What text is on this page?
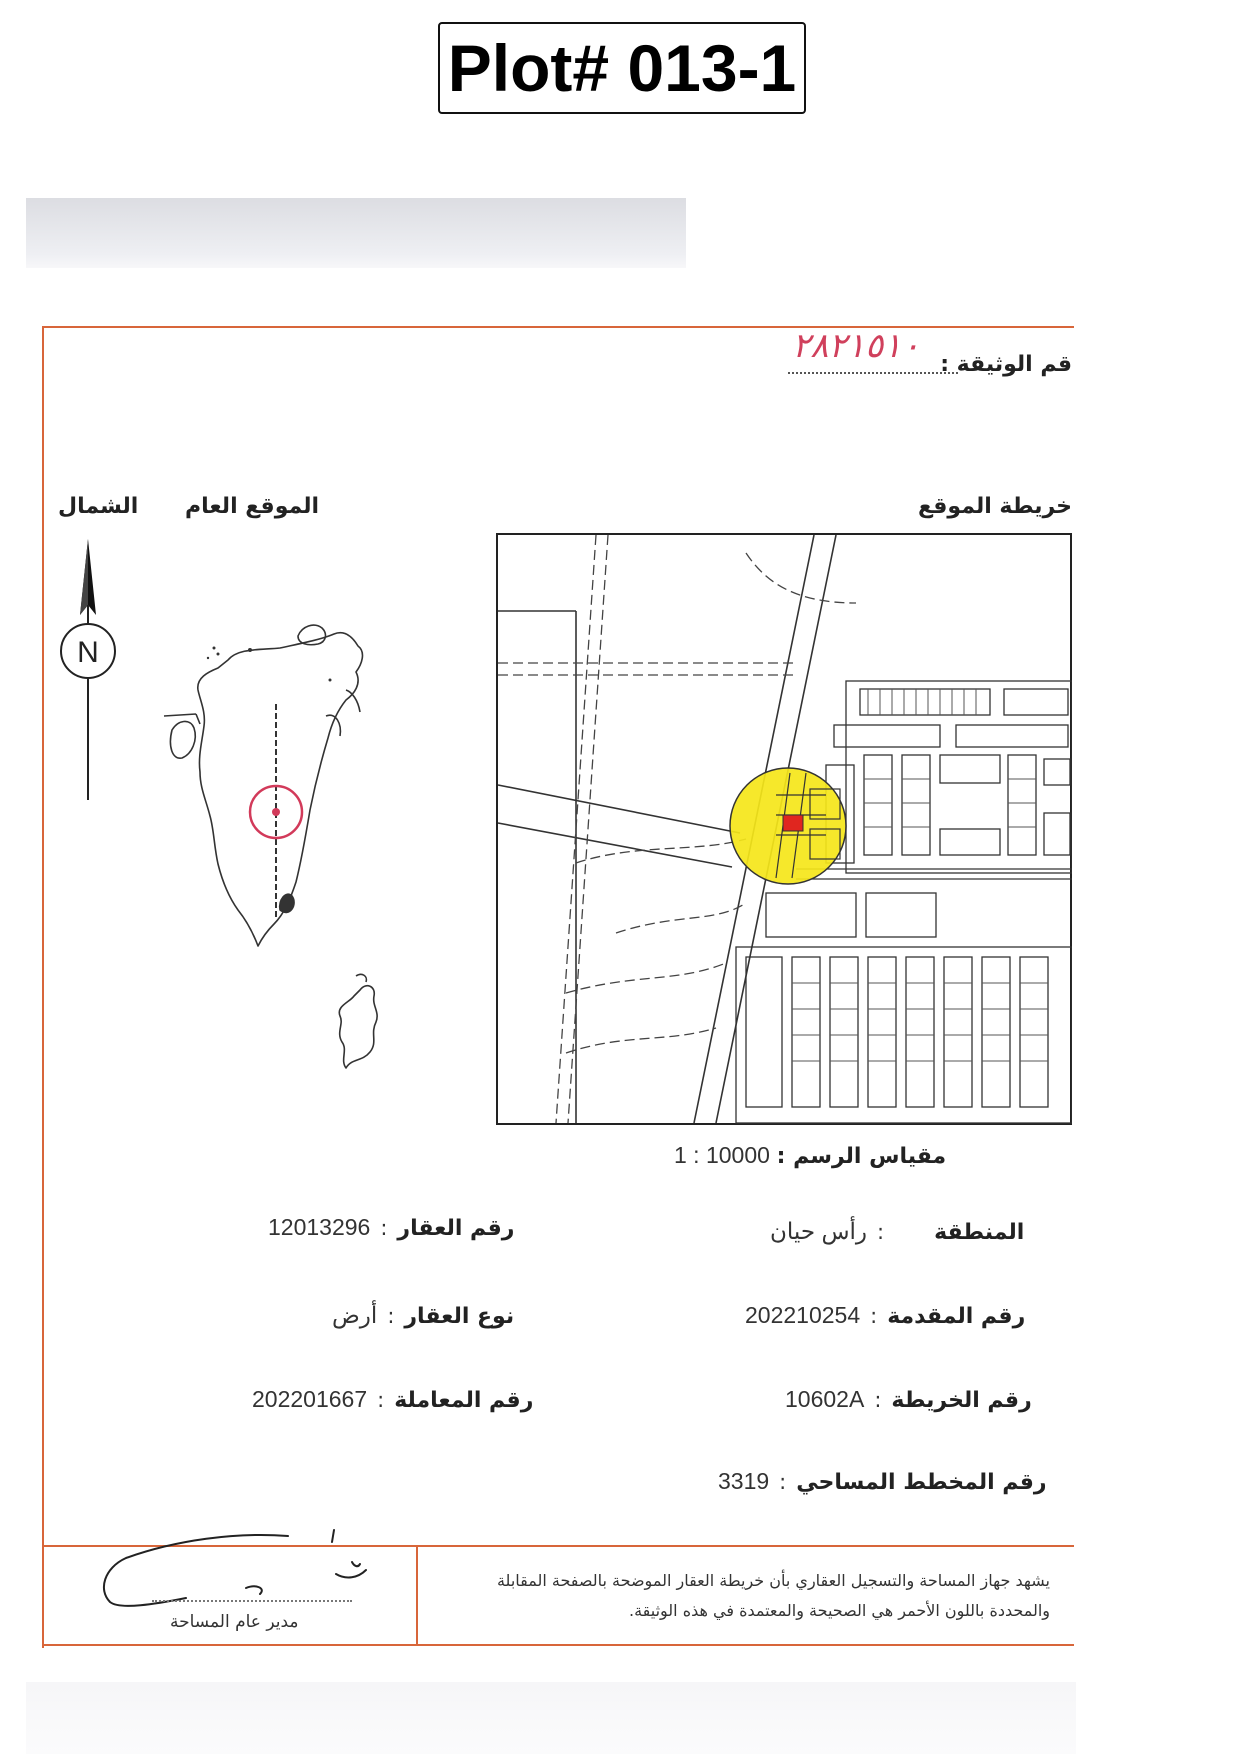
Plot# 013-1
قم الوثيقة :
٢٨٢١٥١٠
الشمال الموقع العام	خريطة الموقع
N
مقياس الرسم : 1 : 10000
المنطقة
:
رأس حيان
رقم العقار
:
12013296
رقم المقدمة
:
202210254
نوع العقار
:
أرض
رقم الخريطة
:
10602A
رقم المعاملة
:
202201667
رقم المخطط المساحي
:
3319
مدير عام المساحة
يشهد جهاز المساحة والتسجيل العقاري بأن خريطة العقار الموضحة بالصفحة المقابلة والمحددة باللون الأحمر هي الصحيحة والمعتمدة في هذه الوثيقة.
